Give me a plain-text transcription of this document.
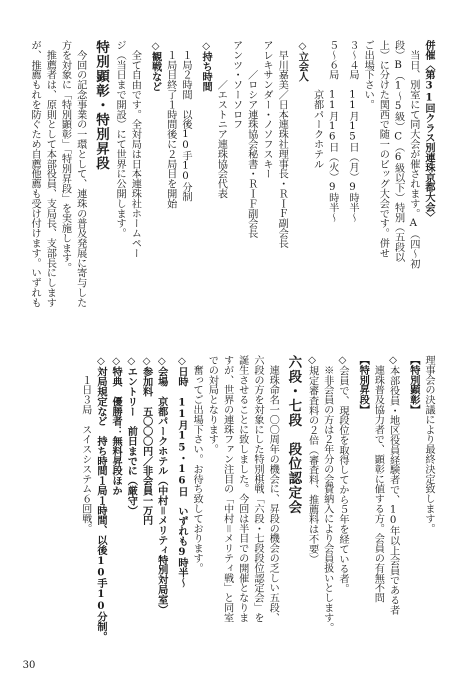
併催〈第31回クラス別連珠京都大会〉
　当日、別室にて同大会が催されます。A（四〜初
段）B（1〜5級）C（6級以下）特別（五段以
上）に分けた関西で随一のビッグ大会です。併せ
ご出場下さい。
３〜４局　11月15日（月）9時半〜
５〜６局　11月16日（火）9時半〜
　　　　　京都パークホテル
◇立会人
　早川嘉美／日本連珠社理事長・ＲＩＦ副会長
アレキサンダー・ノソフスキー
　　　／ロシア連珠協会秘書・ＲＩＦ副会長
アンツ・ソーソロフ
　　　　／エストニア連珠協会代表
◇持ち時間
　１局２時間　以後10手10分制
　１局目終了１時間後に２局目を開始
◇観戦など
　全て自由です。全対局は日本連珠社ホームペー
ジ（当日まで開設）にて世界に公開します。
特別顕彰・特別昇段
　今回の記念事業の一環として、連珠の普及発展に寄与した
方を対象に「特別顕彰」「特別昇段」を実施します。
　推薦者は、原則として本部役員、支局長、支部長にします
が、推薦もれを防ぐため自薦他薦も受け付けます。いずれも
理事会の決議により最終決定致します。
【特別顕彰】
◇本部役員・地区役員経験者で、10年以上会員である者
　連珠普及協力者で、顕彰に値する方。会員の有無不問
【特別昇段】
◇会員で、現段位を取得してから５年を経ている者。
　※非会員の方は２年分の会費納入により会員扱いとします。
◇規定審査料の２倍（審査料、推薦料は不要）
六段・七段　段位認定会
　連珠命名一〇〇周年の機会に、昇段の機会の乏しい五段、
六段の方を対象にした特別棋戦「六段・七段段位認定会」を
誕生させることに致しました。今回は半目での開催となりま
すが、世界の連珠ファン注目の「中村＝メリティ戦」と同室
での対局となります。
　奮ってご出場下さい。お待ち致しております。
◇日時　11月15・16日　いずれも9時半〜
◇会場　京都パークホテル（中村＝メリティ特別対局室）
◇参加料　五〇〇〇円／非会員一万円
◇エントリー　前日までに（厳守）
◇特典　優勝者：無料昇段ほか
◇対局規定など　持ち時間１局１時間、以後10手10分制。
　　１日３局　スイスシステム６回戦。
30
